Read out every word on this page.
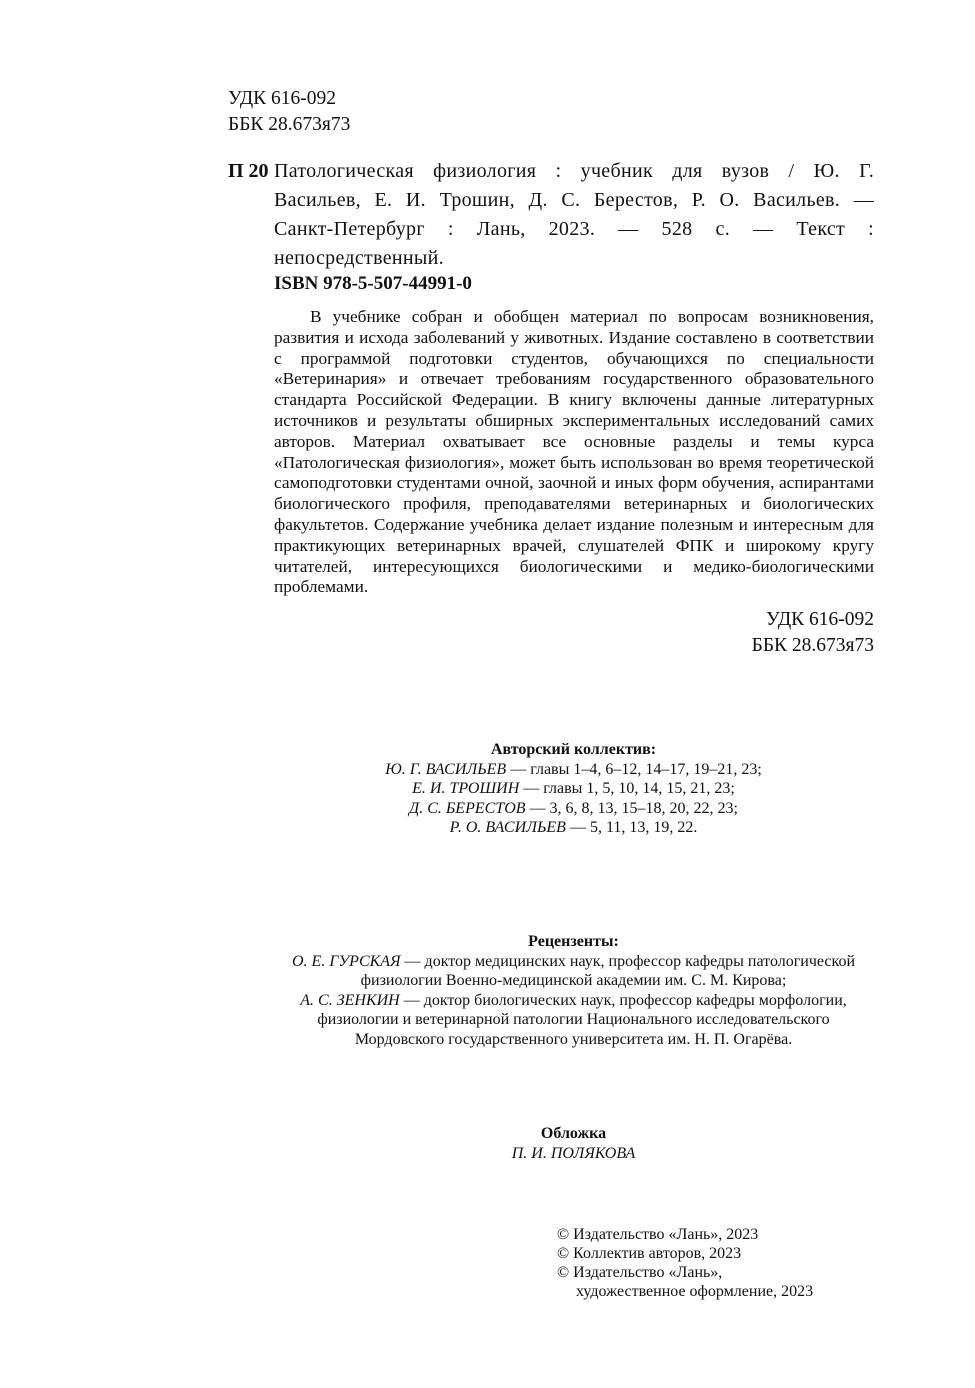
УДК 616-092
ББК 28.673я73
П 20 Патологическая физиология : учебник для вузов / Ю. Г. Васильев, Е. И. Трошин, Д. С. Берестов, Р. О. Васильев. — Санкт-Петербург : Лань, 2023. — 528 с. — Текст : непосредственный.
ISBN 978-5-507-44991-0
В учебнике собран и обобщен материал по вопросам возникновения, развития и исхода заболеваний у животных. Издание составлено в соответствии с программой подготовки студентов, обучающихся по специальности «Ветеринария» и отвечает требованиям государственного образовательного стандарта Российской Федерации. В книгу включены данные литературных источников и результаты обширных экспериментальных исследований самих авторов. Материал охватывает все основные разделы и темы курса «Патологическая физиология», может быть использован во время теоретической самоподготовки студентами очной, заочной и иных форм обучения, аспирантами биологического профиля, преподавателями ветеринарных и биологических факультетов. Содержание учебника делает издание полезным и интересным для практикующих ветеринарных врачей, слушателей ФПК и широкому кругу читателей, интересующихся биологическими и медико-биологическими проблемами.
УДК 616-092
ББК 28.673я73
Авторский коллектив:
Ю. Г. ВАСИЛЬЕВ — главы 1–4, 6–12, 14–17, 19–21, 23;
Е. И. ТРОШИН — главы 1, 5, 10, 14, 15, 21, 23;
Д. С. БЕРЕСТОВ — 3, 6, 8, 13, 15–18, 20, 22, 23;
Р. О. ВАСИЛЬЕВ — 5, 11, 13, 19, 22.
Рецензенты:
О. Е. ГУРСКАЯ — доктор медицинских наук, профессор кафедры патологической
физиологии Военно-медицинской академии им. С. М. Кирова;
А. С. ЗЕНКИН — доктор биологических наук, профессор кафедры морфологии,
физиологии и ветеринарной патологии Национального исследовательского
Мордовского государственного университета им. Н. П. Огарёва.
Обложка
П. И. ПОЛЯКОВА
© Издательство «Лань», 2023
© Коллектив авторов, 2023
© Издательство «Лань»,
художественное оформление, 2023
